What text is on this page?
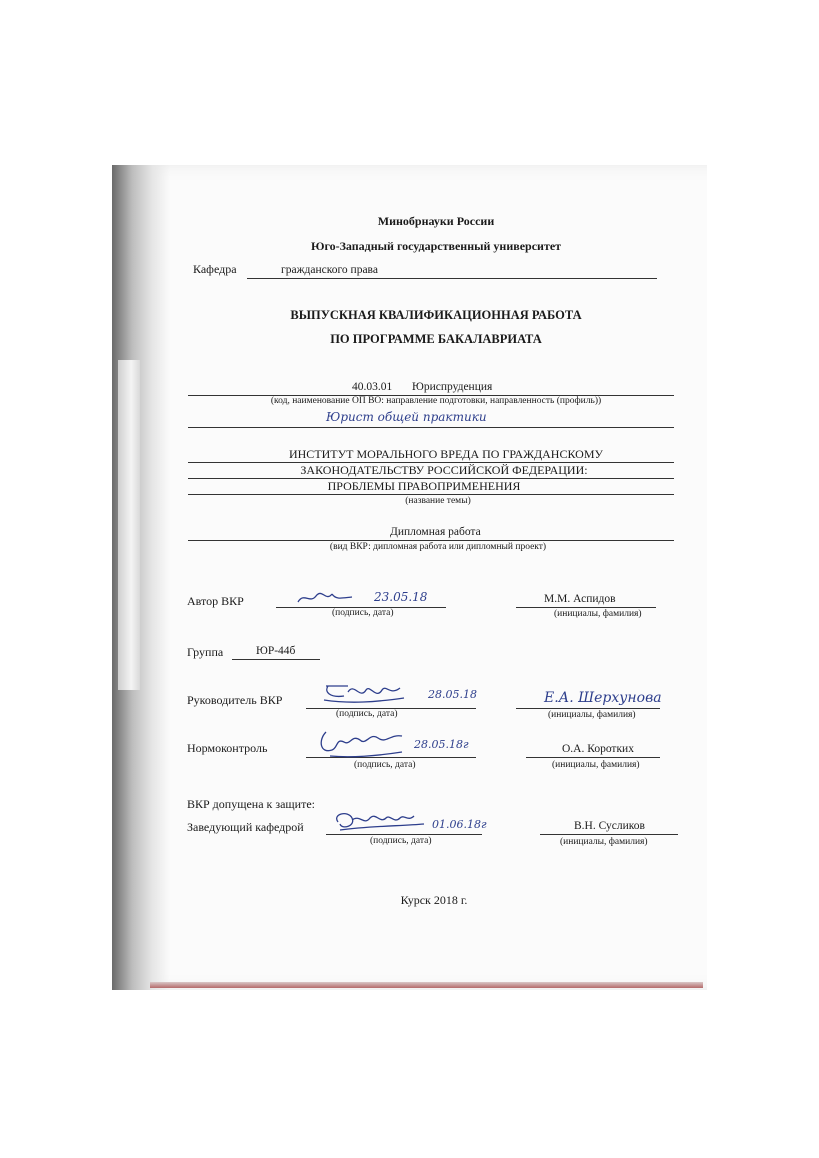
Минобрнауки России
Юго-Западный государственный университет
Кафедра	гражданского права
ВЫПУСКНАЯ КВАЛИФИКАЦИОННАЯ РАБОТА
ПО ПРОГРАММЕ БАКАЛАВРИАТА
40.03.01 Юриспруденция
(код, наименование ОП ВО: направление подготовки, направленность (профиль))
Юрист общей практики
ИНСТИТУТ МОРАЛЬНОГО ВРЕДА ПО ГРАЖДАНСКОМУ
ЗАКОНОДАТЕЛЬСТВУ РОССИЙСКОЙ ФЕДЕРАЦИИ:
ПРОБЛЕМЫ ПРАВОПРИМЕНЕНИЯ
(название темы)
Дипломная работа
(вид ВКР: дипломная работа или дипломный проект)
Автор ВКР	23.05.18
(подпись, дата)
М.М. Аспидов
(инициалы, фамилия)
Группа	ЮР-44б
Руководитель ВКР	28.05.18
(подпись, дата)
Е.А. Шерхунова
(инициалы, фамилия)
Нормоконтроль	28.05.18г
(подпись, дата)
О.А. Коротких
(инициалы, фамилия)
ВКР допущена к защите:
Заведующий кафедрой	01.06.18г
(подпись, дата)
В.Н. Сусликов
(инициалы, фамилия)
Курск 2018 г.
